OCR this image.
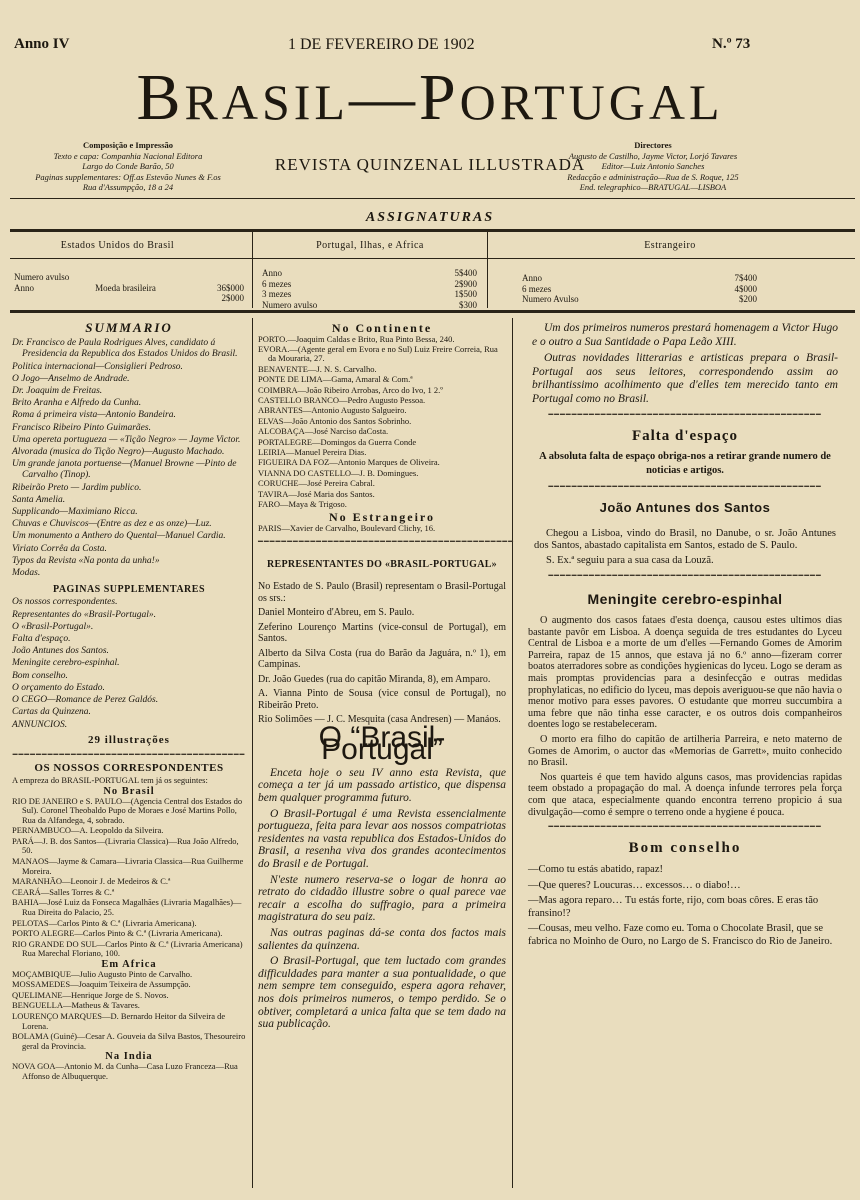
Anno IV	1 DE FEVEREIRO DE 1902	N.º 73
BRASIL—PORTUGAL
REVISTA QUINZENAL ILLUSTRADA
Composição e Impressão
Texto e capa: Companhia Nacional Editora
Largo do Conde Barão, 50
Paginas supplementares: Off.as Estevão Nunes & F.os
Rua d'Assumpção, 18 a 24
Directores
Augusto de Castilho, Jayme Victor, Lorjó Tavares
Editor—Luiz Antonio Sanches
Redacção e administração—Rua de S. Roque, 125
End. telegraphico—BRATUGAL—LISBOA
ASSIGNATURAS
Estados Unidos do Brasil	Portugal, Ilhas, e Africa	Estrangeiro
Numero avulso
Anno	Moeda brasileira	36$000
2$000
Anno	5$400
6 mezes	2$900
3 mezes	1$500
Numero avulso	$300
Anno	7$400
6 mezes	4$000
Numero Avulso	$200
SUMMARIO
Dr. Francisco de Paula Rodrigues Alves, candidato á Presidencia da Republica dos Estados Unidos do Brasil.
Politica internacional—Consiglieri Pedroso.
O Jogo—Anselmo de Andrade.
Dr. Joaquim de Freitas.
Brito Aranha e Alfredo da Cunha.
Roma á primeira vista—Antonio Bandeira.
Francisco Ribeiro Pinto Guimarães.
Uma opereta portugueza — «Tição Negro» — Jayme Victor.
Alvorada (musica do Tição Negro)—Augusto Machado.
Um grande janota portuense—(Manuel Browne —Pinto de Carvalho (Tinop).
Ribeirão Preto — Jardim publico.
Santa Amelia.
Supplicando—Maximiano Ricca.
Chuvas e Chuviscos—(Entre as dez e as onze)—Luz.
Um monumento a Anthero do Quental—Manuel Cardia.
Viriato Corrêa da Costa.
Typos da Revista «Na ponta da unha!»
Modas.
PAGINAS SUPPLEMENTARES
Os nossos correspondentes.
Representantes do «Brasil-Portugal».
O «Brasil-Portugal».
Falta d'espaço.
João Antunes dos Santos.
Meningite cerebro-espinhal.
Bom conselho.
O orçamento do Estado.
O CEGO—Romance de Perez Galdós.
Cartas da Quinzena.
ANNUNCIOS.
29 illustrações
━━━━━━━━━━━━━━━━━━━━━━━━━━━━━━━━━━━━━━━━
OS NOSSOS CORRESPONDENTES

A empreza do BRASIL-PORTUGAL tem já os seguintes:

No Brasil

RIO DE JANEIRO e S. PAULO—(Agencia Central dos Estados do Sul). Coronel Theobaldo Pupo de Moraes e José Martins Pollo, Rua da Alfandega, 4, sobrado.

PERNAMBUCO—A. Leopoldo da Silveira.

PARÁ—J. B. dos Santos—(Livraria Classica)—Rua João Alfredo, 50.

MANAOS—Jayme & Camara—Livraria Classica—Rua Guilherme Moreira.

MARANHÃO—Leonoir J. de Medeiros & C.ª

CEARÁ—Salles Torres & C.ª

BAHIA—José Luiz da Fonseca Magalhães (Livraria Magalhães)—Rua Direita do Palacio, 25.

PELOTAS—Carlos Pinto & C.ª (Livraria Americana).

PORTO ALEGRE—Carlos Pinto & C.ª (Livraria Americana).

RIO GRANDE DO SUL—Carlos Pinto & C.ª (Livraria Americana) Rua Marechal Floriano, 100.

Em Africa

MOÇAMBIQUE—Julio Augusto Pinto de Carvalho.

MOSSAMEDES—Joaquim Teixeira de Assumpção.

QUELIMANE—Henrique Jorge de S. Novos.

BENGUELLA—Matheus & Tavares.

LOURENÇO MARQUES—D. Bernardo Heitor da Silveira de Lorena.

BOLAMA (Guiné)—Cesar A. Gouveia da Silva Bastos, Thesoureiro geral da Provincia.

Na India

NOVA GOA—Antonio M. da Cunha—Casa Luzo Franceza—Rua Affonso de Albuquerque.

No Continente
PORTO.—Joaquim Caldas e Brito, Rua Pinto Bessa, 240.
EVORA.—(Agente geral em Evora e no Sul) Luiz Freire Correia, Rua da Mouraria, 27.
BENAVENTE—J. N. S. Carvalho.
PONTE DE LIMA—Gama, Amaral & Com.ª
COIMBRA—João Ribeiro Arrobas, Arco do Ivo, 1 2.º
CASTELLO BRANCO—Pedro Augusto Pessoa.
ABRANTES—Antonio Augusto Salgueiro.
ELVAS—João Antonio dos Santos Sobrinho.
ALCOBAÇA—José Narciso daCosta.
PORTALEGRE—Domingos da Guerra Conde
LEIRIA—Manuel Pereira Dias.
FIGUEIRA DA FOZ—Antonio Marques de Oliveira.
VIANNA DO CASTELLO—J. B. Domingues.
CORUCHE—José Pereira Cabral.
TAVIRA—José Maria dos Santos.
FARO—Maya & Trigoso.
No Estrangeiro
PARIS—Xavier de Carvalho, Boulevard Clichy, 16.
━━━━━━━━━━━━━━━━━━━━━━━━━━━━━━━━━━━━━━━━━━━━
REPRESENTANTES DO «BRASIL-PORTUGAL»

No Estado de S. Paulo (Brasil) representam o Brasil-Portugal os srs.:

Daniel Monteiro d'Abreu, em S. Paulo.

Zeferino Lourenço Martins (vice-consul de Portugal), em Santos.

Alberto da Silva Costa (rua do Barão da Jaguára, n.º 1), em Campinas.

Dr. João Guedes (rua do capitão Miranda, 8), em Amparo.

A. Vianna Pinto de Sousa (vice consul de Portugal), no Ribeirão Preto.

Rio Solimões — J. C. Mesquita (casa Andresen) — Manáos.

O “Brasil-Portugal”

Enceta hoje o seu IV anno esta Revista, que começa a ter já um passado artistico, que dispensa bem qualquer programma futuro.

O Brasil-Portugal é uma Revista essencialmente portugueza, feita para levar aos nossos compatriotas residentes na vasta republica dos Estados-Unidos do Brasil, a resenha viva dos grandes acontecimentos do Brasil e de Portugal.

N'este numero reserva-se o logar de honra ao retrato do cidadão illustre sobre o qual parece vae recair a escolha do suffragio, para a primeira magistratura do seu paiz.

Nas outras paginas dá-se conta dos factos mais salientes da quinzena.

O Brasil-Portugal, que tem luctado com grandes difficuldades para manter a sua pontualidade, o que nem sempre tem conseguido, espera agora rehaver, nos dois primeiros numeros, o tempo perdido. Se o obtiver, completará a unica falta que se tem dado na sua publicação.

Um dos primeiros numeros prestará homenagem a Victor Hugo e o outro a Sua Santidade o Papa Leão XIII.

Outras novidades litterarias e artisticas prepara o Brasil-Portugal aos seus leitores, correspondendo assim ao brilhantissimo acolhimento que d'elles tem merecido tanto em Portugal como no Brasil.

━━━━━━━━━━━━━━━━━━━━━━━━━━━━━━━━━━━━━━━━━━━━━━━
Falta d'espaço
A absoluta falta de espaço obriga-nos a retirar grande numero de noticias e artigos.
━━━━━━━━━━━━━━━━━━━━━━━━━━━━━━━━━━━━━━━━━━━━━━━
João Antunes dos Santos

Chegou a Lisboa, vindo do Brasil, no Danube, o sr. João Antunes dos Santos, abastado capitalista em Santos, estado de S. Paulo.

S. Ex.ª seguiu para a sua casa da Louzã.

━━━━━━━━━━━━━━━━━━━━━━━━━━━━━━━━━━━━━━━━━━━━━━━
Meningite cerebro-espinhal

O augmento dos casos fataes d'esta doença, causou estes ultimos dias bastante pavôr em Lisboa. A doença seguida de tres estudantes do Lyceu Central de Lisboa e a morte de um d'elles —Fernando Gomes de Amorim Parreira, rapaz de 15 annos, que estava já no 6.º anno—fizeram correr boatos aterradores sobre as condições hygienicas do lyceu. Logo se deram as mais promptas providencias para a desinfecção e outras medidas prophylaticas, no edificio do lyceu, mas depois averiguou-se que não havia o menor motivo para esses pavores. O estudante que morreu succumbira a uma febre que não tinha esse caracter, e os outros dois companheiros doentes logo se restabeleceram.

O morto era filho do capitão de artilheria Parreira, e neto materno de Gomes de Amorim, o auctor das «Memorias de Garrett», muito conhecido no Brasil.

Nos quarteis é que tem havido alguns casos, mas providencias rapidas teem obstado a propagação do mal. A doença infunde terrores pela força com que ataca, especialmente quando encontra terreno propicio á sua divulgação—como é sempre o terreno onde a hygiene é pouca.

━━━━━━━━━━━━━━━━━━━━━━━━━━━━━━━━━━━━━━━━━━━━━━━
Bom conselho

—Como tu estás abatido, rapaz!

—Que queres? Loucuras… excessos… o diabo!…

—Mas agora reparo… Tu estás forte, rijo, com boas côres. E eras tão fransino!?

—Cousas, meu velho. Faze como eu. Toma o Chocolate Brasil, que se fabrica no Moinho de Ouro, no Largo de S. Francisco do Rio de Janeiro.
